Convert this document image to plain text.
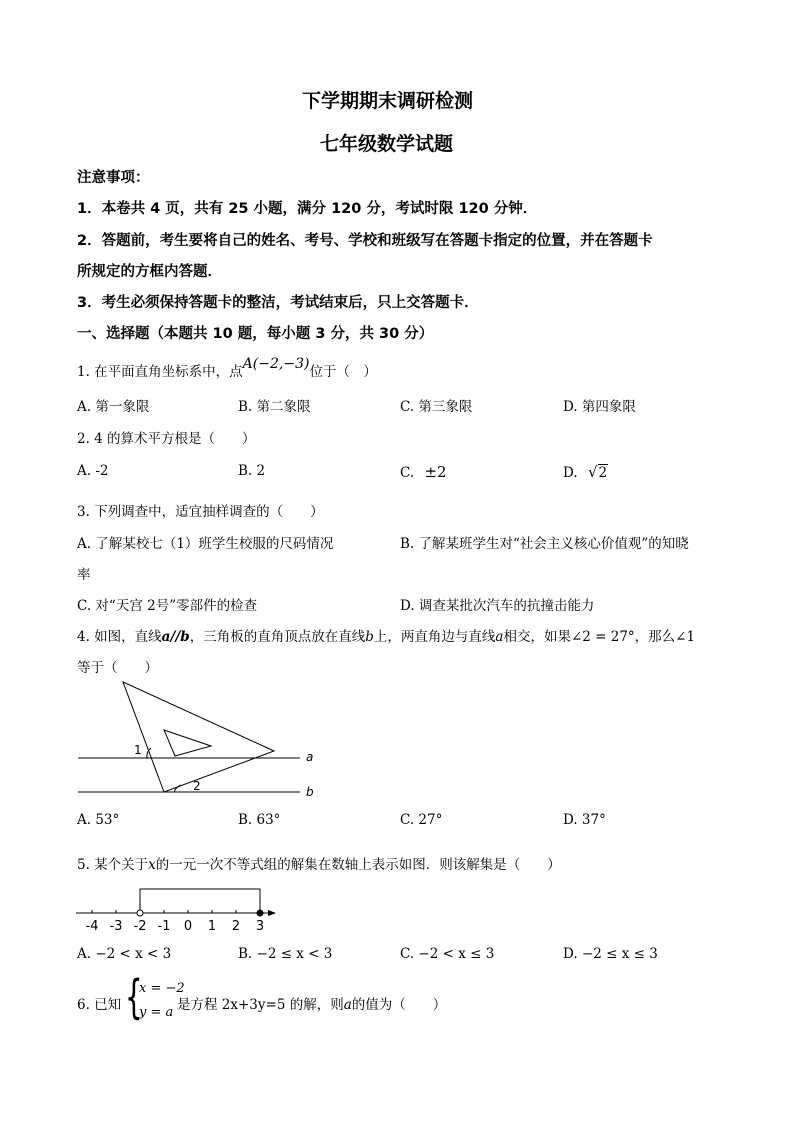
下学期期末调研检测
七年级数学试题
注意事项：
1．本卷共 4 页，共有 25 小题，满分 120 分，考试时限 120 分钟．
2．答题前，考生要将自己的姓名、考号、学校和班级写在答题卡指定的位置，并在答题卡
所规定的方框内答题．
3．考生必须保持答题卡的整洁，考试结束后，只上交答题卡．
一、选择题（本题共 10 题，每小题 3 分，共 30 分）
1. 在平面直角坐标系中，点A(−2,−3)位于（　）
A. 第一象限	B. 第二象限	C. 第三象限	D. 第四象限
2. 4 的算术平方根是（　　）
A. -2	B. 2	C. ±2	D. √2
3. 下列调查中，适宜抽样调查的（　　）
A. 了解某校七（1）班学生校服的尺码情况	B. 了解某班学生对“社会主义核心价值观”的知晓
率
C. 对“天宫 2号”零部件的检查	D. 调查某批次汽车的抗撞击能力
4. 如图，直线a//b，三角板的直角顶点放在直线b上，两直角边与直线a相交，如果∠2 = 27°，那么∠1
等于（　　）
1
2
a
b
A. 53°	B. 63°	C. 27°	D. 37°
5. 某个关于x的一元一次不等式组的解集在数轴上表示如图．则该解集是（　　）
-4 -3 -2 -1 0 1 2 3
A. −2 < x < 3	B. −2 ≤ x < 3	C. −2 < x ≤ 3	D. −2 ≤ x ≤ 3
6. 已知 {
x = −2
y = a 是方程 2x+3y=5 的解，则a的值为（　　）
